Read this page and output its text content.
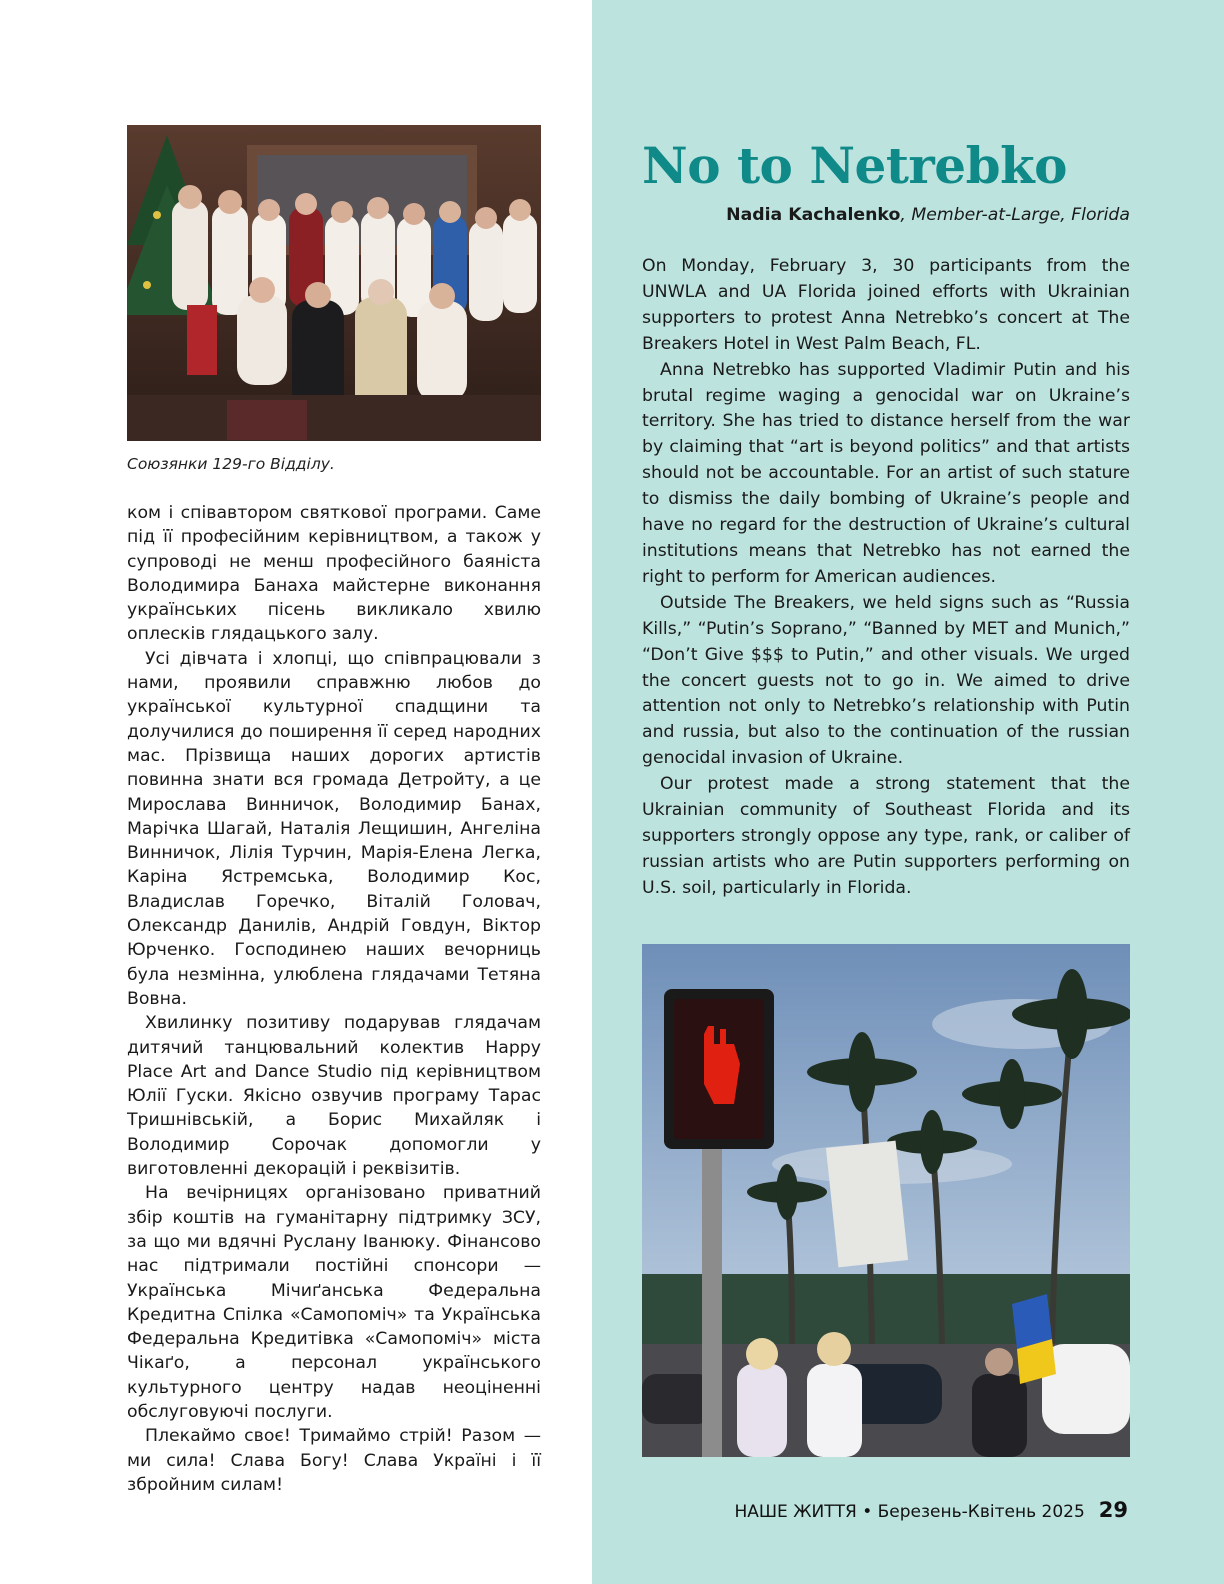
Союзянки 129-го Відділу.

ком і співавтором святкової програми. Саме під її професійним керівництвом, а також у супроводі не менш професійного баяніста Володимира Банаха майстерне виконання українських пісень викликало хвилю оплесків глядацького залу.

Усі дівчата і хлопці, що співпрацювали з нами, проявили справжню любов до української культурної спадщини та долучилися до поширення її серед народних мас. Прізвища наших дорогих артистів повинна знати вся громада Детройту, а це Мирослава Винничок, Володимир Банах, Марічка Шагай, Наталія Лещишин, Ангеліна Винничок, Лілія Турчин, Марія-Елена Легка, Каріна Ястремська, Володимир Кос, Владислав Горечко, Віталій Головач, Олександр Данилів, Андрій Говдун, Віктор Юрченко. Господинею наших вечорниць була незмінна, улюблена глядачами Тетяна Вовна.

Хвилинку позитиву подарував глядачам дитячий танцювальний колектив Happy Place Art and Dance Studio під керівництвом Юлії Гуски. Якісно озвучив програму Тарас Тришнівській, а Борис Михайляк і Володимир Сорочак допомогли у виготовленні декорацій і реквізитів.

На вечірницях організовано приватний збір коштів на гуманітарну підтримку ЗСУ, за що ми вдячні Руслану Іванюку. Фінансово нас підтримали постійні спонсори — Українська Мічиґанська Федеральна Кредитна Спілка «Самопоміч» та Українська Федеральна Кредитівка «Самопоміч» міста Чікаґо, а персонал українського культурного центру надав неоціненні обслуговуючі послуги.

Плекаймо своє! Тримаймо стрій! Разом — ми сила! Слава Богу! Слава Україні і її збройним силам!

No to Netrebko
Nadia Kachalenko, Member-at-Large, Florida

On Monday, February 3, 30 participants from the UNWLA and UA Florida joined efforts with Ukrainian supporters to protest Anna Netrebko’s concert at The Breakers Hotel in West Palm Beach, FL.

Anna Netrebko has supported Vladimir Putin and his brutal regime waging a genocidal war on Ukraine’s territory. She has tried to distance herself from the war by claiming that “art is beyond politics” and that artists should not be accountable. For an artist of such stature to dismiss the daily bombing of Ukraine’s people and have no regard for the destruction of Ukraine’s cultural institutions means that Netrebko has not earned the right to perform for American audiences.

Outside The Breakers, we held signs such as “Russia Kills,” “Putin’s Soprano,” “Banned by MET and Munich,” “Don’t Give $$$ to Putin,” and other visuals. We urged the concert guests not to go in. We aimed to drive attention not only to Netrebko’s relationship with Putin and russia, but also to the continuation of the russian genocidal invasion of Ukraine.

Our protest made a strong statement that the Ukrainian community of Southeast Florida and its supporters strongly oppose any type, rank, or caliber of russian artists who are Putin supporters performing on U.S. soil, particularly in Florida.

НАШЕ ЖИТТЯ • Березень-Квітень 2025 29
